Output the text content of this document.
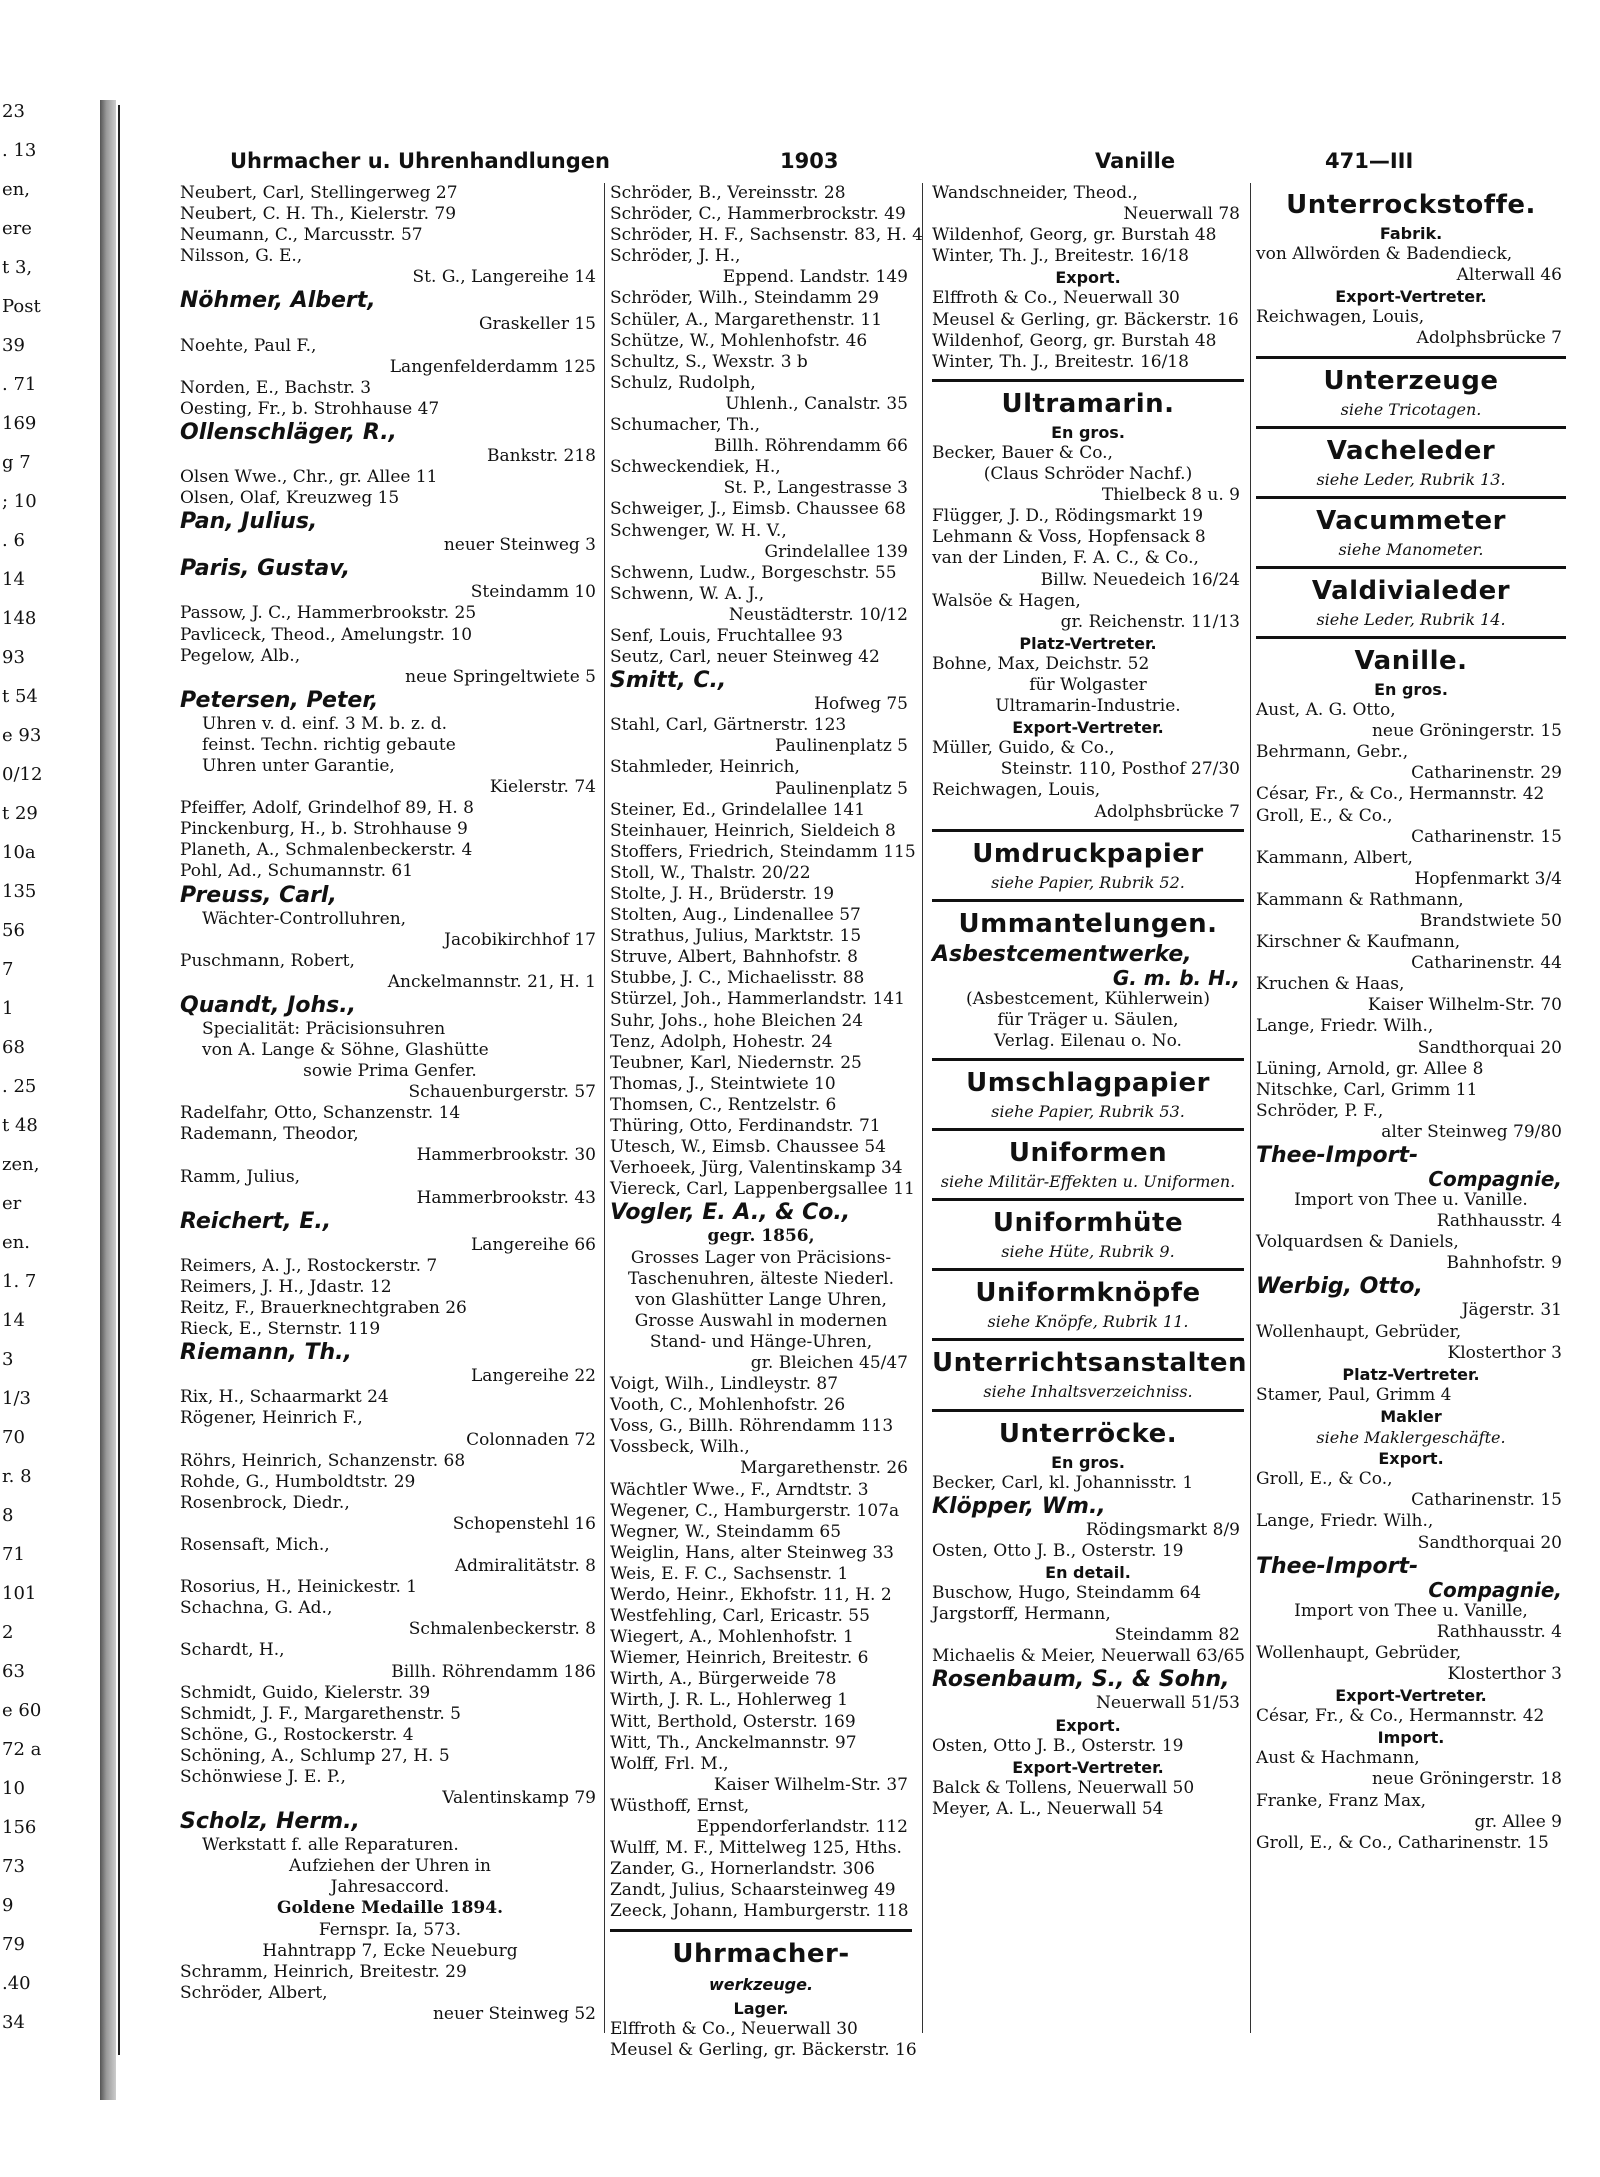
23
. 13
en,
ere
t 3,
Post
39
. 71
169
g 7
; 10
. 6
14
148
93
t 54
e 93
0/12
t 29
10a
135
56
7
1
68
. 25
t 48
zen,
er
en.
1. 7
14
3
1/3
70
r. 8
8
71
101
2
63
e 60
72 a
10
156
73
9
79
.40
34
Uhrmacher u. Uhrenhandlungen	1903	Vanille	471—III
Neubert, Carl, Stellingerweg 27
Neubert, C. H. Th., Kielerstr. 79
Neumann, C., Marcusstr. 57
Nilsson, G. E.,
St. G., Langereihe 14
Nöhmer, Albert,
Graskeller 15
Noehte, Paul F.,
Langenfelderdamm 125
Norden, E., Bachstr. 3
Oesting, Fr., b. Strohhause 47
Ollenschläger, R.,
Bankstr. 218
Olsen Wwe., Chr., gr. Allee 11
Olsen, Olaf, Kreuzweg 15
Pan, Julius,
neuer Steinweg 3
Paris, Gustav,
Steindamm 10
Passow, J. C., Hammerbrookstr. 25
Pavliceck, Theod., Amelungstr. 10
Pegelow, Alb.,
neue Springeltwiete 5
Petersen, Peter,
Uhren v. d. einf. 3 M. b. z. d.
feinst. Techn. richtig gebaute
Uhren unter Garantie,
Kielerstr. 74
Pfeiffer, Adolf, Grindelhof 89, H. 8
Pinckenburg, H., b. Strohhause 9
Planeth, A., Schmalenbeckerstr. 4
Pohl, Ad., Schumannstr. 61
Preuss, Carl,
Wächter-Controlluhren,
Jacobikirchhof 17
Puschmann, Robert,
Anckelmannstr. 21, H. 1
Quandt, Johs.,
Specialität: Präcisionsuhren
von A. Lange & Söhne, Glashütte
sowie Prima Genfer.
Schauenburgerstr. 57
Radelfahr, Otto, Schanzenstr. 14
Rademann, Theodor,
Hammerbrookstr. 30
Ramm, Julius,
Hammerbrookstr. 43
Reichert, E.,
Langereihe 66
Reimers, A. J., Rostockerstr. 7
Reimers, J. H., Jdastr. 12
Reitz, F., Brauerknechtgraben 26
Rieck, E., Sternstr. 119
Riemann, Th.,
Langereihe 22
Rix, H., Schaarmarkt 24
Rögener, Heinrich F.,
Colonnaden 72
Röhrs, Heinrich, Schanzenstr. 68
Rohde, G., Humboldtstr. 29
Rosenbrock, Diedr.,
Schopenstehl 16
Rosensaft, Mich.,
Admiralitätstr. 8
Rosorius, H., Heinickestr. 1
Schachna, G. Ad.,
Schmalenbeckerstr. 8
Schardt, H.,
Billh. Röhrendamm 186
Schmidt, Guido, Kielerstr. 39
Schmidt, J. F., Margarethenstr. 5
Schöne, G., Rostockerstr. 4
Schöning, A., Schlump 27, H. 5
Schönwiese J. E. P.,
Valentinskamp 79
Scholz, Herm.,
Werkstatt f. alle Reparaturen.
Aufziehen der Uhren in
Jahresaccord.
Goldene Medaille 1894.
Fernspr. Ia, 573.
Hahntrapp 7, Ecke Neueburg
Schramm, Heinrich, Breitestr. 29
Schröder, Albert,
neuer Steinweg 52
Schröder, B., Vereinsstr. 28
Schröder, C., Hammerbrockstr. 49
Schröder, H. F., Sachsenstr. 83, H. 4
Schröder, J. H.,
Eppend. Landstr. 149
Schröder, Wilh., Steindamm 29
Schüler, A., Margarethenstr. 11
Schütze, W., Mohlenhofstr. 46
Schultz, S., Wexstr. 3 b
Schulz, Rudolph,
Uhlenh., Canalstr. 35
Schumacher, Th.,
Billh. Röhrendamm 66
Schweckendiek, H.,
St. P., Langestrasse 3
Schweiger, J., Eimsb. Chaussee 68
Schwenger, W. H. V.,
Grindelallee 139
Schwenn, Ludw., Borgeschstr. 55
Schwenn, W. A. J.,
Neustädterstr. 10/12
Senf, Louis, Fruchtallee 93
Seutz, Carl, neuer Steinweg 42
Smitt, C.,
Hofweg 75
Stahl, Carl, Gärtnerstr. 123
Paulinenplatz 5
Stahmleder, Heinrich,
Paulinenplatz 5
Steiner, Ed., Grindelallee 141
Steinhauer, Heinrich, Sieldeich 8
Stoffers, Friedrich, Steindamm 115
Stoll, W., Thalstr. 20/22
Stolte, J. H., Brüderstr. 19
Stolten, Aug., Lindenallee 57
Strathus, Julius, Marktstr. 15
Struve, Albert, Bahnhofstr. 8
Stubbe, J. C., Michaelisstr. 88
Stürzel, Joh., Hammerlandstr. 141
Suhr, Johs., hohe Bleichen 24
Tenz, Adolph, Hohestr. 24
Teubner, Karl, Niedernstr. 25
Thomas, J., Steintwiete 10
Thomsen, C., Rentzelstr. 6
Thüring, Otto, Ferdinandstr. 71
Utesch, W., Eimsb. Chaussee 54
Verhoeek, Jürg, Valentinskamp 34
Viereck, Carl, Lappenbergsallee 11
Vogler, E. A., & Co.,
gegr. 1856,
Grosses Lager von Präcisions-
Taschenuhren, älteste Niederl.
von Glashütter Lange Uhren,
Grosse Auswahl in modernen
Stand- und Hänge-Uhren,
gr. Bleichen 45/47
Voigt, Wilh., Lindleystr. 87
Vooth, C., Mohlenhofstr. 26
Voss, G., Billh. Röhrendamm 113
Vossbeck, Wilh.,
Margarethenstr. 26
Wächtler Wwe., F., Arndtstr. 3
Wegener, C., Hamburgerstr. 107a
Wegner, W., Steindamm 65
Weiglin, Hans, alter Steinweg 33
Weis, E. F. C., Sachsenstr. 1
Werdo, Heinr., Ekhofstr. 11, H. 2
Westfehling, Carl, Ericastr. 55
Wiegert, A., Mohlenhofstr. 1
Wiemer, Heinrich, Breitestr. 6
Wirth, A., Bürgerweide 78
Wirth, J. R. L., Hohlerweg 1
Witt, Berthold, Osterstr. 169
Witt, Th., Anckelmannstr. 97
Wolff, Frl. M.,
Kaiser Wilhelm-Str. 37
Wüsthoff, Ernst,
Eppendorferlandstr. 112
Wulff, M. F., Mittelweg 125, Hths.
Zander, G., Hornerlandstr. 306
Zandt, Julius, Schaarsteinweg 49
Zeeck, Johann, Hamburgerstr. 118
Uhrmacher-
werkzeuge.
Lager.
Elffroth & Co., Neuerwall 30
Meusel & Gerling, gr. Bäckerstr. 16
Wandschneider, Theod.,
Neuerwall 78
Wildenhof, Georg, gr. Burstah 48
Winter, Th. J., Breitestr. 16/18
Export.
Elffroth & Co., Neuerwall 30
Meusel & Gerling, gr. Bäckerstr. 16
Wildenhof, Georg, gr. Burstah 48
Winter, Th. J., Breitestr. 16/18
Ultramarin.
En gros.
Becker, Bauer & Co.,
(Claus Schröder Nachf.)
Thielbeck 8 u. 9
Flügger, J. D., Rödingsmarkt 19
Lehmann & Voss, Hopfensack 8
van der Linden, F. A. C., & Co.,
Billw. Neuedeich 16/24
Walsöe & Hagen,
gr. Reichenstr. 11/13
Platz-Vertreter.
Bohne, Max, Deichstr. 52
für Wolgaster
Ultramarin-Industrie.
Export-Vertreter.
Müller, Guido, & Co.,
Steinstr. 110, Posthof 27/30
Reichwagen, Louis,
Adolphsbrücke 7
Umdruckpapier
siehe Papier, Rubrik 52.
Ummantelungen.
Asbestcementwerke,
G. m. b. H.,
(Asbestcement, Kühlerwein)
für Träger u. Säulen,
Verlag. Eilenau o. No.
Umschlagpapier
siehe Papier, Rubrik 53.
Uniformen
siehe Militär-Effekten u. Uniformen.
Uniformhüte
siehe Hüte, Rubrik 9.
Uniformknöpfe
siehe Knöpfe, Rubrik 11.
Unterrichtsanstalten
siehe Inhaltsverzeichniss.
Unterröcke.
En gros.
Becker, Carl, kl. Johannisstr. 1
Klöpper, Wm.,
Rödingsmarkt 8/9
Osten, Otto J. B., Osterstr. 19
En detail.
Buschow, Hugo, Steindamm 64
Jargstorff, Hermann,
Steindamm 82
Michaelis & Meier, Neuerwall 63/65
Rosenbaum, S., & Sohn,
Neuerwall 51/53
Export.
Osten, Otto J. B., Osterstr. 19
Export-Vertreter.
Balck & Tollens, Neuerwall 50
Meyer, A. L., Neuerwall 54
Unterrockstoffe.
Fabrik.
von Allwörden & Badendieck,
Alterwall 46
Export-Vertreter.
Reichwagen, Louis,
Adolphsbrücke 7
Unterzeuge
siehe Tricotagen.
Vacheleder
siehe Leder, Rubrik 13.
Vacummeter
siehe Manometer.
Valdivialeder
siehe Leder, Rubrik 14.
Vanille.
En gros.
Aust, A. G. Otto,
neue Gröningerstr. 15
Behrmann, Gebr.,
Catharinenstr. 29
César, Fr., & Co., Hermannstr. 42
Groll, E., & Co.,
Catharinenstr. 15
Kammann, Albert,
Hopfenmarkt 3/4
Kammann & Rathmann,
Brandstwiete 50
Kirschner & Kaufmann,
Catharinenstr. 44
Kruchen & Haas,
Kaiser Wilhelm-Str. 70
Lange, Friedr. Wilh.,
Sandthorquai 20
Lüning, Arnold, gr. Allee 8
Nitschke, Carl, Grimm 11
Schröder, P. F.,
alter Steinweg 79/80
Thee-Import-
Compagnie,
Import von Thee u. Vanille.
Rathhausstr. 4
Volquardsen & Daniels,
Bahnhofstr. 9
Werbig, Otto,
Jägerstr. 31
Wollenhaupt, Gebrüder,
Klosterthor 3
Platz-Vertreter.
Stamer, Paul, Grimm 4
Makler
siehe Maklergeschäfte.
Export.
Groll, E., & Co.,
Catharinenstr. 15
Lange, Friedr. Wilh.,
Sandthorquai 20
Thee-Import-
Compagnie,
Import von Thee u. Vanille,
Rathhausstr. 4
Wollenhaupt, Gebrüder,
Klosterthor 3
Export-Vertreter.
César, Fr., & Co., Hermannstr. 42
Import.
Aust & Hachmann,
neue Gröningerstr. 18
Franke, Franz Max,
gr. Allee 9
Groll, E., & Co., Catharinenstr. 15
